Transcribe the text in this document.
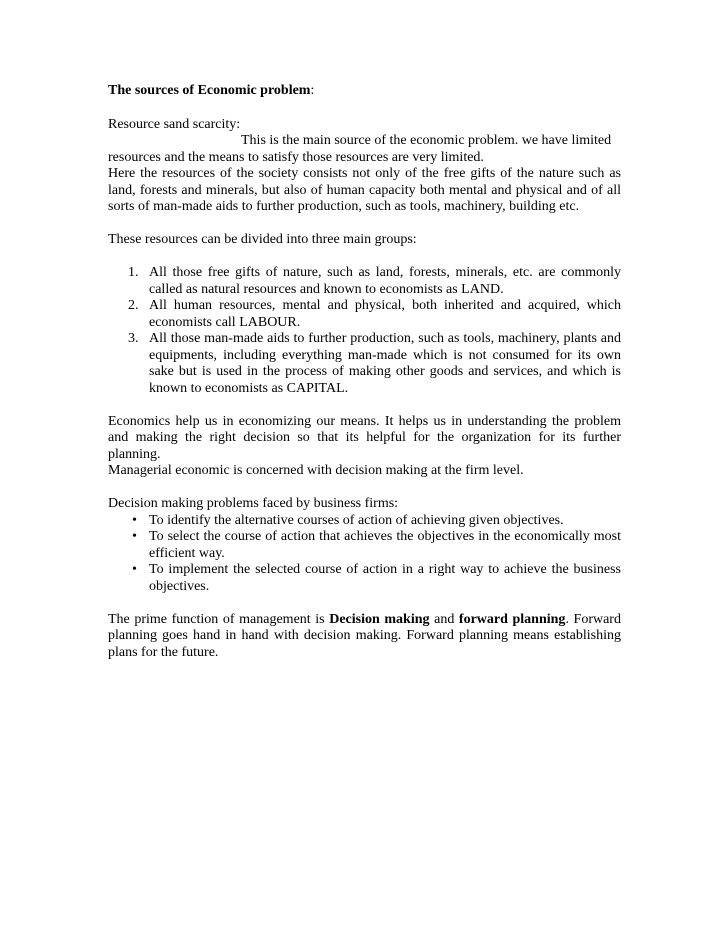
The sources of Economic problem:

Resource sand scarcity:

This is the main source of the economic problem. we have limited
resources and the means to satisfy those resources are very limited.

Here the resources of the society consists not only of the free gifts of the nature such as land, forests and minerals, but also of human capacity both mental and physical and of all sorts of man-made aids to further production, such as tools, machinery, building etc.

These resources can be divided into three main groups:

1. All those free gifts of nature, such as land, forests, minerals, etc. are commonly called as natural resources and known to economists as LAND.
2. All human resources, mental and physical, both inherited and acquired, which economists call LABOUR.
3. All those man-made aids to further production, such as tools, machinery, plants and equipments, including everything man-made which is not consumed for its own sake but is used in the process of making other goods and services, and which is known to economists as CAPITAL.

Economics help us in economizing our means. It helps us in understanding the problem and making the right decision so that its helpful for the organization for its further planning.

Managerial economic is concerned with decision making at the firm level.

Decision making problems faced by business firms:

• To identify the alternative courses of action of achieving given objectives.
• To select the course of action that achieves the objectives in the economically most efficient way.
• To implement the selected course of action in a right way to achieve the business objectives.

The prime function of management is Decision making and forward planning. Forward planning goes hand in hand with decision making. Forward planning means establishing plans for the future.
